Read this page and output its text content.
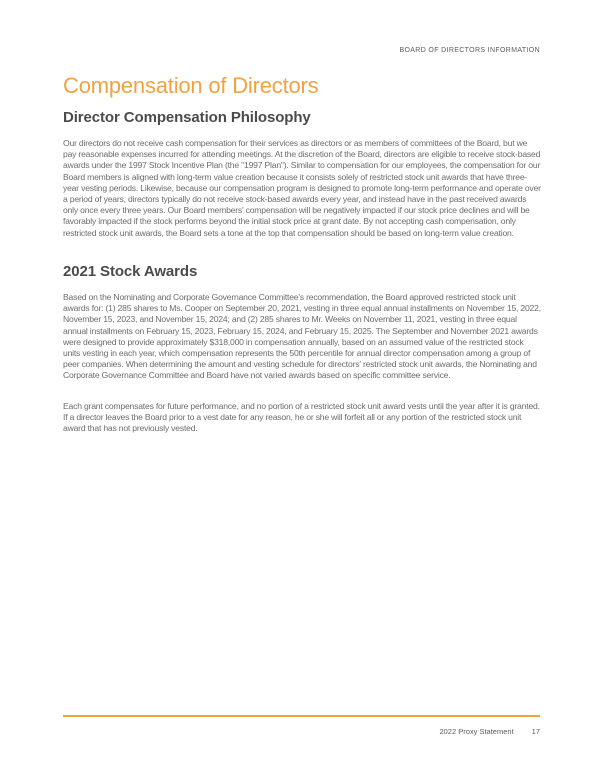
BOARD OF DIRECTORS INFORMATION
Compensation of Directors
Director Compensation Philosophy

Our directors do not receive cash compensation for their services as directors or as members of committees of the Board, but we pay reasonable expenses incurred for attending meetings. At the discretion of the Board, directors are eligible to receive stock-based awards under the 1997 Stock Incentive Plan (the "1997 Plan"). Similar to compensation for our employees, the compensation for our Board members is aligned with long-term value creation because it consists solely of restricted stock unit awards that have three-year vesting periods. Likewise, because our compensation program is designed to promote long-term performance and operate over a period of years, directors typically do not receive stock-based awards every year, and instead have in the past received awards only once every three years. Our Board members' compensation will be negatively impacted if our stock price declines and will be favorably impacted if the stock performs beyond the initial stock price at grant date. By not accepting cash compensation, only restricted stock unit awards, the Board sets a tone at the top that compensation should be based on long-term value creation.

2021 Stock Awards

Based on the Nominating and Corporate Governance Committee's recommendation, the Board approved restricted stock unit awards for: (1) 285 shares to Ms. Cooper on September 20, 2021, vesting in three equal annual installments on November 15, 2022, November 15, 2023, and November 15, 2024; and (2) 285 shares to Mr. Weeks on November 11, 2021, vesting in three equal annual installments on February 15, 2023, February 15, 2024, and February 15, 2025. The September and November 2021 awards were designed to provide approximately $318,000 in compensation annually, based on an assumed value of the restricted stock units vesting in each year, which compensation represents the 50th percentile for annual director compensation among a group of peer companies. When determining the amount and vesting schedule for directors' restricted stock unit awards, the Nominating and Corporate Governance Committee and Board have not varied awards based on specific committee service.

Each grant compensates for future performance, and no portion of a restricted stock unit award vests until the year after it is granted. If a director leaves the Board prior to a vest date for any reason, he or she will forfeit all or any portion of the restricted stock unit award that has not previously vested.

2022 Proxy Statement 17
